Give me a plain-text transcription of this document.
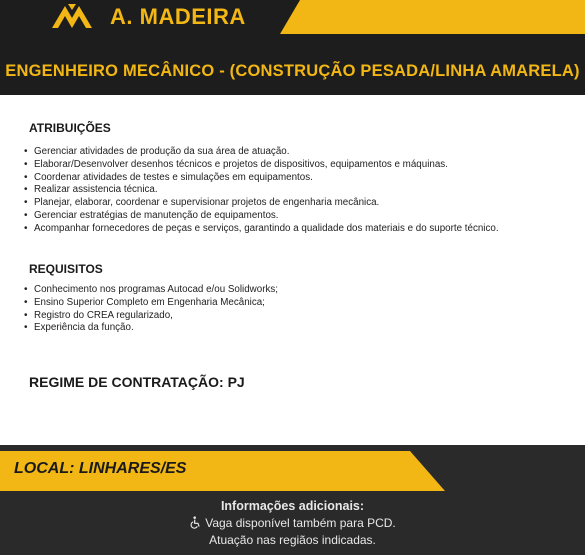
A. MADEIRA
ENGENHEIRO MECÂNICO - (CONSTRUÇÃO PESADA/LINHA AMARELA)
ATRIBUIÇÕES
• Gerenciar atividades de produção da sua área de atuação.
• Elaborar/Desenvolver desenhos técnicos e projetos de dispositivos, equipamentos e máquinas.
• Coordenar atividades de testes e simulações em equipamentos.
• Realizar assistencia técnica.
• Planejar, elaborar, coordenar e supervisionar projetos de engenharia mecânica.
• Gerenciar estratégias de manutenção de equipamentos.
• Acompanhar fornecedores de peças e serviços, garantindo a qualidade dos materiais e do suporte técnico.
REQUISITOS
• Conhecimento nos programas Autocad e/ou Solidworks;
• Ensino Superior Completo em Engenharia Mecânica;
• Registro do CREA regularizado,
• Experiência da função.
REGIME DE CONTRATAÇÃO: PJ
LOCAL: LINHARES/ES
Informações adicionais:
Vaga disponível também para PCD.
Atuação nas regiãos indicadas.
